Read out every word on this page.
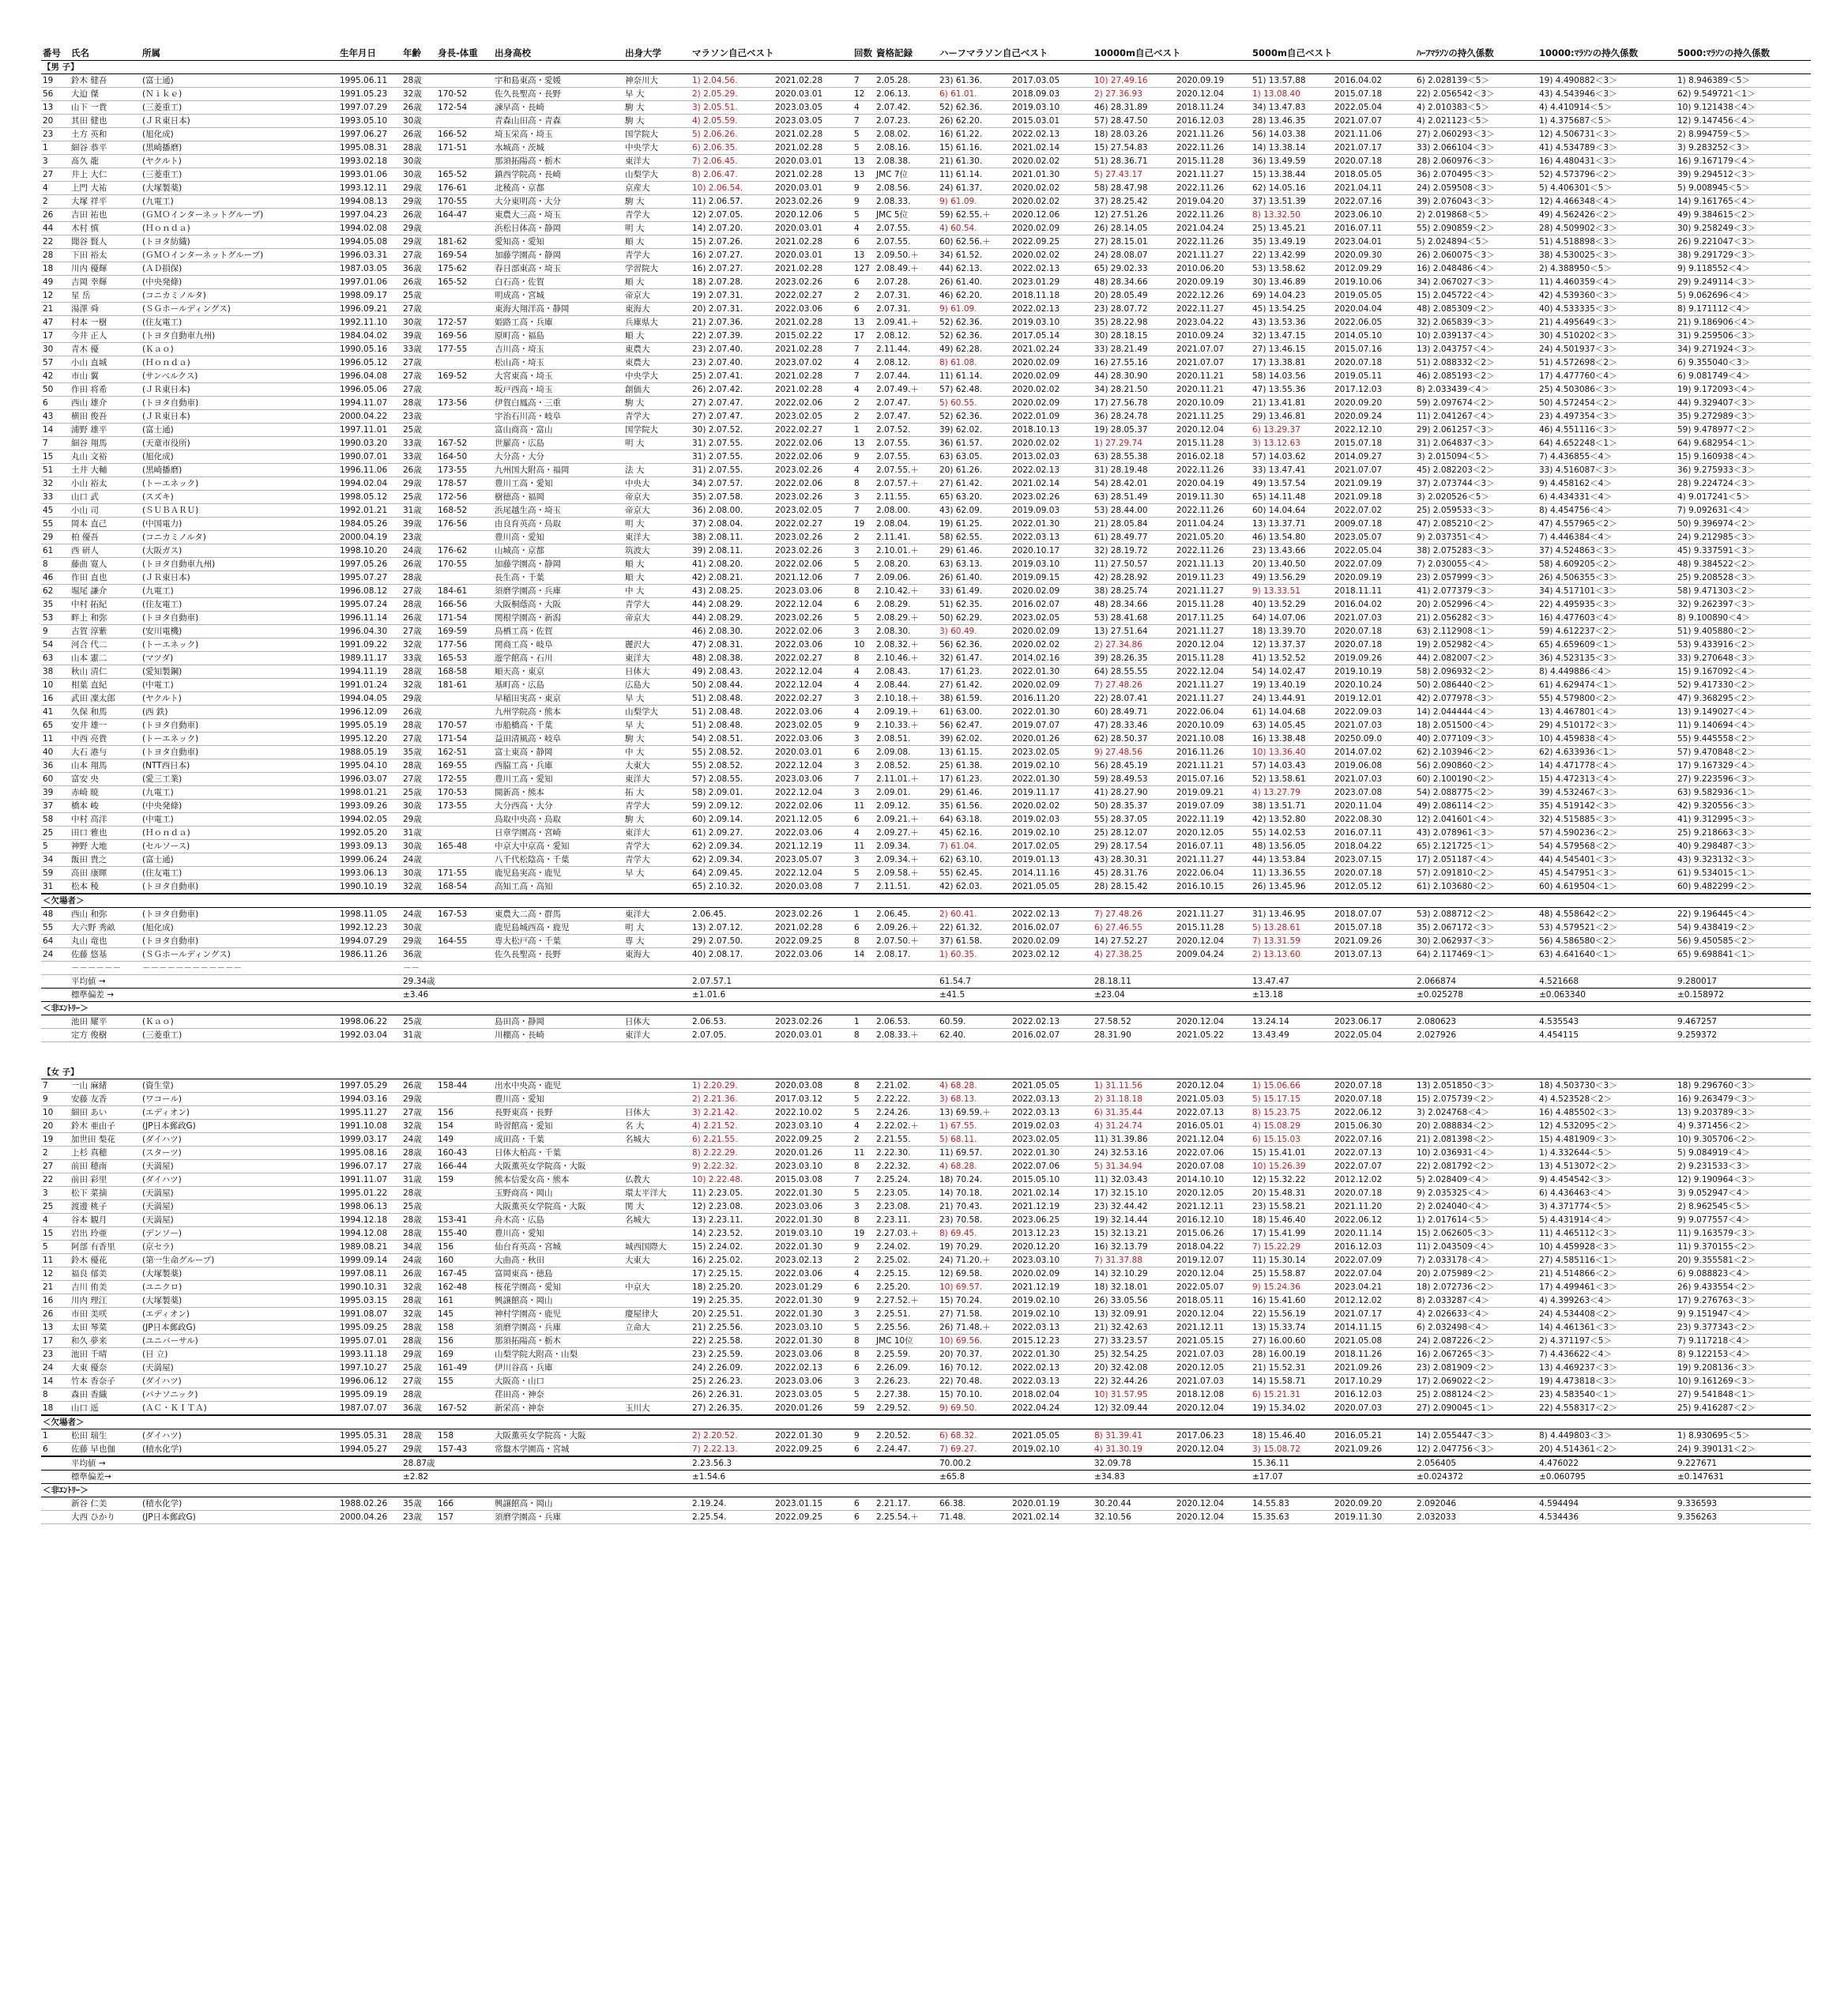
番号	氏名	所属	生年月日	年齢	身長-体重	出身高校	出身大学	マラソン自己ベスト		回数	資格記録	ハーフマラソン自己ベスト			10000m自己ベスト		5000m自己ベスト			ﾊｰﾌﾏﾗｿﾝの持久係数	10000:ﾏﾗｿﾝの持久係数	5000:ﾏﾗｿﾝの持久係数
【男 子】																						
19	鈴木 健吾	(富士通)	1995.06.11	28歳		宇和島東高・愛媛	神奈川大	1) 2.04.56.	2021.02.28	7	2.05.28.	23) 61.36.	2017.03.05		10) 27.49.16	2020.09.19	51) 13.57.88	2016.04.02		6) 2.028139＜5＞	19) 4.490882＜3＞	1) 8.946389＜5＞
56	大迫 傑	(Ｎｉｋｅ)	1991.05.23	32歳	170-52	佐久長聖高・長野	早 大	2) 2.05.29.	2020.03.01	12	2.06.13.	6) 61.01.	2018.09.03		2) 27.36.93	2020.12.04	1) 13.08.40	2015.07.18		22) 2.056542＜3＞	43) 4.543946＜3＞	62) 9.549721＜1＞
13	山下 一貴	(三菱重工)	1997.07.29	26歳	172-54	諫早高・長崎	駒 大	3) 2.05.51.	2023.03.05	4	2.07.42.	52) 62.36.	2019.03.10		46) 28.31.89	2018.11.24	34) 13.47.83	2022.05.04		4) 2.010383＜5＞	4) 4.410914＜5＞	10) 9.121438＜4＞
20	其田 健也	(ＪＲ東日本)	1993.05.10	30歳		青森山田高・青森	駒 大	4) 2.05.59.	2023.03.05	7	2.07.23.	26) 62.20.	2015.03.01		57) 28.47.50	2016.12.03	28) 13.46.35	2021.07.07		4) 2.021123＜5＞	1) 4.375687＜5＞	12) 9.147456＜4＞
23	土方 英和	(旭化成)	1997.06.27	26歳	166-52	埼玉栄高・埼玉	国学院大	5) 2.06.26.	2021.02.28	5	2.08.02.	16) 61.22.	2022.02.13		18) 28.03.26	2021.11.26	56) 14.03.38	2021.11.06		27) 2.060293＜3＞	12) 4.506731＜3＞	2) 8.994759＜5＞
1	細谷 恭平	(黒崎播磨)	1995.08.31	28歳	171-51	水城高・茨城	中央学大	6) 2.06.35.	2021.02.28	5	2.08.16.	15) 61.16.	2021.02.14		15) 27.54.83	2022.11.26	14) 13.38.14	2021.07.17		33) 2.066104＜3＞	41) 4.534789＜3＞	3) 9.283252＜3＞
3	髙久 龍	(ヤクルト)	1993.02.18	30歳		那須拓陽高・栃木	東洋大	7) 2.06.45.	2020.03.01	13	2.08.38.	21) 61.30.	2020.02.02		51) 28.36.71	2015.11.28	36) 13.49.59	2020.07.18		28) 2.060976＜3＞	16) 4.480431＜3＞	16) 9.167179＜4＞
27	井上 大仁	(三菱重工)	1993.01.06	30歳	165-52	鎮西学院高・長崎	山梨学大	8) 2.06.47.	2021.02.28	13	JMC 7位	11) 61.14.	2021.01.30		5) 27.43.17	2021.11.27	15) 13.38.44	2018.05.05		36) 2.070495＜3＞	52) 4.573796＜2＞	39) 9.294512＜3＞
4	上門 大祐	(大塚製薬)	1993.12.11	29歳	176-61	北稜高・京都	京産大	10) 2.06.54.	2020.03.01	9	2.08.56.	24) 61.37.	2020.02.02		58) 28.47.98	2022.11.26	62) 14.05.16	2021.04.11		24) 2.059508＜3＞	5) 4.406301＜5＞	5) 9.008945＜5＞
2	大塚 祥平	(九電工)	1994.08.13	29歳	170-55	大分東明高・大分	駒 大	11) 2.06.57.	2023.02.26	9	2.08.33.	9) 61.09.	2020.02.02		37) 28.25.42	2019.04.20	37) 13.51.39	2022.07.16		39) 2.076043＜3＞	12) 4.466348＜4＞	14) 9.161765＜4＞
26	吉田 祐也	(ＧＭＯインターネットグループ)	1997.04.23	26歳	164-47	東農大三高・埼玉	青学大	12) 2.07.05.	2020.12.06	5	JMC 5位	59) 62.55.＋	2020.12.06		12) 27.51.26	2022.11.26	8) 13.32.50	2023.06.10		2) 2.019868＜5＞	49) 4.562426＜2＞	49) 9.384615＜2＞
44	木村 慎	(Ｈｏｎｄａ)	1994.02.08	29歳		浜松日体高・静岡	明 大	14) 2.07.20.	2020.03.01	4	2.07.55.	4) 60.54.	2020.02.09		26) 28.14.05	2021.04.24	25) 13.45.21	2016.07.11		55) 2.090859＜2＞	28) 4.509902＜3＞	30) 9.258249＜3＞
22	聞谷 賢人	(トヨタ紡織)	1994.05.08	29歳	181-62	愛知高・愛知	順 大	15) 2.07.26.	2021.02.28	6	2.07.55.	60) 62.56.＋	2022.09.25		27) 28.15.01	2022.11.26	35) 13.49.19	2023.04.01		5) 2.024894＜5＞	51) 4.518898＜3＞	26) 9.221047＜3＞
28	下田 裕太	(ＧＭＯインターネットグループ)	1996.03.31	27歳	169-54	加藤学園高・静岡	青学大	16) 2.07.27.	2020.03.01	13	2.09.50.＋	34) 61.52.	2020.02.02		24) 28.08.07	2021.11.27	22) 13.42.99	2020.09.30		26) 2.060075＜3＞	38) 4.530025＜3＞	38) 9.291729＜3＞
18	川内 優輝	(ＡＤ損保)	1987.03.05	36歳	175-62	春日部東高・埼玉	学習院大	16) 2.07.27.	2021.02.28	127	2.08.49.＋	44) 62.13.	2022.02.13		65) 29.02.33	2010.06.20	53) 13.58.62	2012.09.29		16) 2.048486＜4＞	2) 4.388950＜5＞	9) 9.118552＜4＞
49	吉岡 幸輝	(中央発條)	1997.01.06	26歳	165-52	白石高・佐賀	順 大	18) 2.07.28.	2023.02.26	6	2.07.28.	26) 61.40.	2023.01.29		48) 28.34.66	2020.09.19	30) 13.46.89	2019.10.06		34) 2.067027＜3＞	11) 4.460359＜4＞	29) 9.249114＜3＞
12	星 岳	(コニカミノルタ)	1998.09.17	25歳		明成高・宮城	帝京大	19) 2.07.31.	2022.02.27	2	2.07.31.	46) 62.20.	2018.11.18		20) 28.05.49	2022.12.26	69) 14.04.23	2019.05.05		15) 2.045722＜4＞	42) 4.539360＜3＞	5) 9.062696＜4＞
21	湯澤 舜	(ＳＧホールディングス)	1996.09.21	27歳		東海大翔洋高・静岡	東海大	20) 2.07.31.	2022.03.06	6	2.07.31.	9) 61.09.	2022.02.13		23) 28.07.72	2022.11.27	45) 13.54.25	2020.04.04		48) 2.085309＜2＞	40) 4.533335＜3＞	8) 9.171112＜4＞
47	村本 一樹	(住友電工)	1992.11.10	30歳	172-57	姫路工高・兵庫	兵庫県大	21) 2.07.36.	2021.02.28	13	2.09.41.＋	52) 62.36.	2019.03.10		35) 28.22.98	2023.04.22	43) 13.53.36	2022.06.05		32) 2.065839＜3＞	21) 4.495649＜3＞	21) 9.186906＜4＞
17	今井 正人	(トヨタ自動車九州)	1984.04.02	39歳	169-56	原町高・福島	順 大	22) 2.07.39.	2015.02.22	17	2.08.12.	52) 62.36.	2017.05.14		30) 28.18.15	2010.09.24	32) 13.47.15	2014.05.10		10) 2.039137＜4＞	30) 4.510202＜3＞	31) 9.259506＜3＞
30	青木 優	(Ｋａｏ)	1990.05.16	33歳	177-55	吉川高・埼玉	東農大	23) 2.07.40.	2021.02.28	7	2.11.44.	49) 62.28.	2021.02.24		33) 28.21.49	2021.07.07	27) 13.46.15	2015.07.16		13) 2.043757＜4＞	24) 4.501937＜3＞	34) 9.271924＜3＞
57	小山 直城	(Ｈｏｎｄａ)	1996.05.12	27歳		松山高・埼玉	東農大	23) 2.07.40.	2023.07.02	4	2.08.12.	8) 61.08.	2020.02.09		16) 27.55.16	2021.07.07	17) 13.38.81	2020.07.18		51) 2.088332＜2＞	51) 4.572698＜2＞	6) 9.355040＜3＞
42	市山 翼	(サンベルクス)	1996.04.08	27歳	169-52	大宮東高・埼玉	中央学大	25) 2.07.41.	2021.02.28	7	2.07.44.	11) 61.14.	2020.02.09		44) 28.30.90	2020.11.21	58) 14.03.56	2019.05.11		46) 2.085193＜2＞	17) 4.477760＜4＞	6) 9.081749＜4＞
50	作田 将希	(ＪＲ東日本)	1996.05.06	27歳		坂戸西高・埼玉	創価大	26) 2.07.42.	2021.02.28	4	2.07.49.＋	57) 62.48.	2020.02.02		34) 28.21.50	2020.11.21	47) 13.55.36	2017.12.03		8) 2.033439＜4＞	25) 4.503086＜3＞	19) 9.172093＜4＞
6	西山 雄介	(トヨタ自動車)	1994.11.07	28歳	173-56	伊賀白鳳高・三重	駒 大	27) 2.07.47.	2022.02.06	2	2.07.47.	5) 60.55.	2020.02.09		17) 27.56.78	2020.10.09	21) 13.41.81	2020.09.20		59) 2.097674＜2＞	50) 4.572454＜2＞	44) 9.329407＜3＞
43	横田 俊吾	(ＪＲ東日本)	2000.04.22	23歳		宇治石川高・岐阜	青学大	27) 2.07.47.	2023.02.05	2	2.07.47.	52) 62.36.	2022.01.09		36) 28.24.78	2021.11.25	29) 13.46.81	2020.09.24		11) 2.041267＜4＞	23) 4.497354＜3＞	35) 9.272989＜3＞
14	浦野 雄平	(富士通)	1997.11.01	25歳		富山商高・富山	国学院大	30) 2.07.52.	2022.02.27	1	2.07.52.	39) 62.02.	2018.10.13		19) 28.05.37	2020.12.04	6) 13.29.37	2022.12.10		29) 2.061257＜3＞	46) 4.551116＜3＞	59) 9.478977＜2＞
7	細谷 翔馬	(天童市役所)	1990.03.20	33歳	167-52	世羅高・広島	明 大	31) 2.07.55.	2022.02.06	13	2.07.55.	36) 61.57.	2020.02.02		1) 27.29.74	2015.11.28	3) 13.12.63	2015.07.18		31) 2.064837＜3＞	64) 4.652248＜1＞	64) 9.682954＜1＞
15	丸山 文裕	(旭化成)	1990.07.01	33歳	164-50	大分高・大分		31) 2.07.55.	2022.02.06	9	2.07.55.	63) 63.05.	2013.02.03		63) 28.55.38	2016.02.18	57) 14.03.62	2014.09.27		3) 2.015094＜5＞	7) 4.436855＜4＞	15) 9.160938＜4＞
51	土井 大輔	(黒崎播磨)	1996.11.06	26歳	173-55	九州国大附高・福岡	法 大	31) 2.07.55.	2023.02.26	4	2.07.55.＋	20) 61.26.	2022.02.13		31) 28.19.48	2022.11.26	33) 13.47.41	2021.07.07		45) 2.082203＜2＞	33) 4.516087＜3＞	36) 9.275933＜3＞
32	小山 裕太	(トーエネック)	1994.02.04	29歳	178-57	豊川工高・愛知	中央大	34) 2.07.57.	2022.02.06	8	2.07.57.＋	27) 61.42.	2021.02.14		54) 28.42.01	2020.04.19	49) 13.57.54	2021.09.19		37) 2.073744＜3＞	9) 4.458162＜4＞	28) 9.224724＜3＞
33	山口 武	(スズキ)	1998.05.12	25歳	172-56	樹徳高・福岡	帝京大	35) 2.07.58.	2023.02.26	3	2.11.55.	65) 63.20.	2023.02.26		63) 28.51.49	2019.11.30	65) 14.11.48	2021.09.18		3) 2.020526＜5＞	6) 4.434331＜4＞	4) 9.017241＜5＞
45	小山 司	(ＳＵＢＡＲＵ)	1992.01.21	31歳	168-52	浜尾越生高・埼玉	帝京大	36) 2.08.00.	2023.02.05	7	2.08.00.	43) 62.09.	2019.09.03		53) 28.44.00	2022.11.26	60) 14.04.64	2022.07.02		25) 2.059533＜3＞	8) 4.454756＜4＞	7) 9.092631＜4＞
55	岡本 直己	(中国電力)	1984.05.26	39歳	176-56	由良育英高・鳥取	明 大	37) 2.08.04.	2022.02.27	19	2.08.04.	19) 61.25.	2022.01.30		21) 28.05.84	2011.04.24	13) 13.37.71	2009.07.18		47) 2.085210＜2＞	47) 4.557965＜2＞	50) 9.396974＜2＞
29	柏 優吾	(コニカミノルタ)	2000.04.19	23歳		豊川高・愛知	東洋大	38) 2.08.11.	2023.02.26	2	2.11.41.	58) 62.55.	2022.03.13		61) 28.49.77	2021.05.20	46) 13.54.80	2023.05.07		9) 2.037351＜4＞	7) 4.446384＜4＞	24) 9.212985＜3＞
61	西 研人	(大阪ガス)	1998.10.20	24歳	176-62	山城高・京都	筑波大	39) 2.08.11.	2023.02.26	3	2.10.01.＋	29) 61.46.	2020.10.17		32) 28.19.72	2022.11.26	23) 13.43.66	2022.05.04		38) 2.075283＜3＞	37) 4.524863＜3＞	45) 9.337591＜3＞
8	藤曲 寛人	(トヨタ自動車九州)	1997.05.26	26歳	170-55	加藤学園高・静岡	順 大	41) 2.08.20.	2022.02.06	5	2.08.20.	63) 63.13.	2019.03.10		11) 27.50.57	2021.11.13	20) 13.40.50	2022.07.09		7) 2.030055＜4＞	58) 4.609205＜2＞	48) 9.384522＜2＞
46	作田 直也	(ＪＲ東日本)	1995.07.27	28歳		長生高・千葉	順 大	42) 2.08.21.	2021.12.06	7	2.09.06.	26) 61.40.	2019.09.15		42) 28.28.92	2019.11.23	49) 13.56.29	2020.09.19		23) 2.057999＜3＞	26) 4.506355＜3＞	25) 9.208528＜3＞
62	堀尾 謙介	(九電工)	1996.08.12	27歳	184-61	須磨学園高・兵庫	中 大	43) 2.08.25.	2023.03.06	8	2.10.42.＋	33) 61.49.	2020.02.09		38) 28.25.74	2021.11.27	9) 13.33.51	2018.11.11		41) 2.077379＜3＞	34) 4.517101＜3＞	58) 9.471303＜2＞
35	中村 拓紀	(住友電工)	1995.07.24	28歳	166-56	大阪桐蔭高・大阪	青学大	44) 2.08.29.	2022.12.04	6	2.08.29.	51) 62.35.	2016.02.07		48) 28.34.66	2015.11.28	40) 13.52.29	2016.04.02		20) 2.052996＜4＞	22) 4.495935＜3＞	32) 9.262397＜3＞
53	畔上 和弥	(トヨタ自動車)	1996.11.14	26歳	171-54	関根学園高・新潟	帝京大	44) 2.08.29.	2023.02.26	5	2.08.29.＋	50) 62.29.	2023.02.05		53) 28.41.68	2017.11.25	64) 14.07.06	2021.07.03		21) 2.056282＜3＞	16) 4.477603＜4＞	8) 9.100890＜4＞
9	古賀 淳紫	(安川電機)	1996.04.30	27歳	169-59	鳥栖工高・佐賀		46) 2.08.30.	2022.02.06	3	2.08.30.	3) 60.49.	2020.02.09		13) 27.51.64	2021.11.27	18) 13.39.70	2020.07.18		63) 2.112908＜1＞	59) 4.612237＜2＞	51) 9.405880＜2＞
54	河合 代二	(トーエネック)	1991.09.22	32歳	177-56	関商工高・岐阜	麗沢大	47) 2.08.31.	2022.03.06	10	2.08.32.＋	56) 62.36.	2020.02.02		2) 27.34.86	2020.12.04	12) 13.37.37	2020.07.18		19) 2.052982＜4＞	65) 4.659609＜1＞	53) 9.433916＜2＞
63	山本 憲二	(マツダ)	1989.11.17	33歳	165-53	遊学館高・石川	東洋大	48) 2.08.38.	2022.02.27	8	2.10.46.＋	32) 61.47.	2014.02.16		39) 28.26.35	2015.11.28	41) 13.52.52	2019.09.26		44) 2.082007＜2＞	36) 4.523135＜3＞	33) 9.270648＜3＞
38	秋山 清仁	(愛知製鋼)	1994.11.19	28歳	168-58	順天高・東京	日体大	49) 2.08.43.	2022.12.04	4	2.08.43.	17) 61.23.	2022.01.30		64) 28.55.55	2022.12.04	54) 14.02.47	2019.10.19		58) 2.096932＜2＞	8) 4.449886＜4＞	15) 9.167092＜4＞
10	相葉 直紀	(中電工)	1991.01.24	32歳	181-61	基町高・広島	広島大	50) 2.08.44.	2022.12.04	4	2.08.44.	27) 61.42.	2020.02.09		7) 27.48.26	2021.11.27	19) 13.40.19	2020.10.24		50) 2.086440＜2＞	61) 4.629474＜1＞	52) 9.417330＜2＞
16	武田 凜太郎	(ヤクルト)	1994.04.05	29歳		早稲田実高・東京	早 大	51) 2.08.48.	2022.02.27	3	2.10.18.＋	38) 61.59.	2016.11.20		22) 28.07.41	2021.11.27	24) 13.44.91	2019.12.01		42) 2.077978＜3＞	55) 4.579800＜2＞	47) 9.368295＜2＞
41	久保 和馬	(西 鉄)	1996.12.09	26歳		九州学院高・熊本	山梨学大	51) 2.08.48.	2022.03.06	4	2.09.19.＋	61) 63.00.	2022.01.30		60) 28.49.71	2022.06.04	61) 14.04.68	2022.09.03		14) 2.044444＜4＞	13) 4.467801＜4＞	13) 9.149027＜4＞
65	安井 雄一	(トヨタ自動車)	1995.05.19	28歳	170-57	市船橋高・千葉	早 大	51) 2.08.48.	2023.02.05	9	2.10.33.＋	56) 62.47.	2019.07.07		47) 28.33.46	2020.10.09	63) 14.05.45	2021.07.03		18) 2.051500＜4＞	29) 4.510172＜3＞	11) 9.140694＜4＞
11	中西 亮貴	(トーエネック)	1995.12.20	27歳	171-54	益田清風高・岐阜	駒 大	54) 2.08.51.	2022.03.06	3	2.08.51.	39) 62.02.	2020.01.26		62) 28.50.37	2021.10.08	16) 13.38.48	20250.09.0		40) 2.077109＜3＞	10) 4.459838＜4＞	55) 9.445558＜2＞
40	大石 港与	(トヨタ自動車)	1988.05.19	35歳	162-51	富士東高・静岡	中 大	55) 2.08.52.	2020.03.01	6	2.09.08.	13) 61.15.	2023.02.05		9) 27.48.56	2016.11.26	10) 13.36.40	2014.07.02		62) 2.103946＜2＞	62) 4.633936＜1＞	57) 9.470848＜2＞
36	山本 翔馬	(NTT西日本)	1995.04.10	28歳	169-55	西脇工高・兵庫	大東大	55) 2.08.52.	2022.12.04	3	2.08.52.	25) 61.38.	2019.02.10		56) 28.45.19	2021.11.21	57) 14.03.43	2019.06.08		56) 2.090860＜2＞	14) 4.471778＜4＞	17) 9.167329＜4＞
60	富安 央	(愛三工業)	1996.03.07	27歳	172-55	豊川工高・愛知	東洋大	57) 2.08.55.	2023.03.06	7	2.11.01.＋	17) 61.23.	2022.01.30		59) 28.49.53	2015.07.16	52) 13.58.61	2021.07.03		60) 2.100190＜2＞	15) 4.472313＜4＞	27) 9.223596＜3＞
39	赤崎 暁	(九電工)	1998.01.21	25歳	170-53	開新高・熊本	拓 大	58) 2.09.01.	2022.12.04	3	2.09.01.	29) 61.46.	2019.11.17		41) 28.27.90	2019.09.21	4) 13.27.79	2023.07.08		54) 2.088775＜2＞	39) 4.532467＜3＞	63) 9.582936＜1＞
37	橋本 峻	(中央発條)	1993.09.26	30歳	173-55	大分西高・大分	青学大	59) 2.09.12.	2022.02.06	11	2.09.12.	35) 61.56.	2020.02.02		50) 28.35.37	2019.07.09	38) 13.51.71	2020.11.04		49) 2.086114＜2＞	35) 4.519142＜3＞	42) 9.320556＜3＞
58	中村 高洋	(中電工)	1994.02.05	29歳		鳥取中央高・鳥取	駒 大	60) 2.09.14.	2021.12.05	6	2.09.21.＋	64) 63.18.	2019.02.03		55) 28.37.05	2022.11.19	42) 13.52.80	2022.08.30		12) 2.041601＜4＞	32) 4.515885＜3＞	41) 9.312995＜3＞
25	田口 雅也	(Ｈｏｎｄａ)	1992.05.20	31歳		日章学園高・宮崎	東洋大	61) 2.09.27.	2022.03.06	4	2.09.27.＋	45) 62.16.	2019.02.10		25) 28.12.07	2020.12.05	55) 14.02.53	2016.07.11		43) 2.078961＜3＞	57) 4.590236＜2＞	25) 9.218663＜3＞
5	神野 大地	(セルソース)	1993.09.13	30歳	165-48	中京大中京高・愛知	青学大	62) 2.09.34.	2021.12.19	11	2.09.34.	7) 61.04.	2017.02.05		29) 28.17.54	2016.07.11	48) 13.56.05	2018.04.22		65) 2.121725＜1＞	54) 4.579568＜2＞	40) 9.298487＜3＞
34	飯田 貴之	(富士通)	1999.06.24	24歳		八千代松陰高・千葉	青学大	62) 2.09.34.	2023.05.07	3	2.09.34.＋	62) 63.10.	2019.01.13		43) 28.30.31	2021.11.27	44) 13.53.84	2023.07.15		17) 2.051187＜4＞	44) 4.545401＜3＞	43) 9.323132＜3＞
59	高田 康暉	(住友電工)	1993.06.13	30歳	171-55	鹿児島実高・鹿児	早 大	64) 2.09.45.	2022.12.04	5	2.09.58.＋	55) 62.45.	2014.11.16		45) 28.31.76	2022.06.04	11) 13.36.55	2020.07.18		57) 2.091810＜2＞	45) 4.547951＜3＞	61) 9.534015＜1＞
31	松本 稜	(トヨタ自動車)	1990.10.19	32歳	168-54	高知工高・高知		65) 2.10.32.	2020.03.08	7	2.11.51.	42) 62.03.	2021.05.05		28) 28.15.42	2016.10.15	26) 13.45.96	2012.05.12		61) 2.103680＜2＞	60) 4.619504＜1＞	60) 9.482299＜2＞
＜欠場者＞																						
48	西山 和弥	(トヨタ自動車)	1998.11.05	24歳	167-53	東農大二高・群馬	東洋大	2.06.45.	2023.02.26	1	2.06.45.	2) 60.41.	2022.02.13		7) 27.48.26	2021.11.27	31) 13.46.95	2018.07.07		53) 2.088712＜2＞	48) 4.558642＜2＞	22) 9.196445＜4＞
55	大六野 秀畝	(旭化成)	1992.12.23	30歳		鹿児島城西高・鹿児	明 大	13) 2.07.12.	2021.02.28	6	2.09.26.＋	22) 61.32.	2016.02.07		6) 27.46.55	2015.11.28	5) 13.28.61	2015.07.18		35) 2.067172＜3＞	53) 4.579521＜2＞	54) 9.438419＜2＞
64	丸山 竜也	(トヨタ自動車)	1994.07.29	29歳	164-55	専大松戸高・千葉	専 大	29) 2.07.50.	2022.09.25	8	2.07.50.＋	37) 61.58.	2020.02.09		14) 27.52.27	2020.12.04	7) 13.31.59	2021.09.26		30) 2.062937＜3＞	56) 4.586580＜2＞	56) 9.450585＜2＞
24	佐藤 悠基	(ＳＧホールディングス)	1986.11.26	36歳		佐久長聖高・長野	東海大	40) 2.08.17.	2022.03.06	14	2.08.17.	1) 60.35.	2023.02.12		4) 27.38.25	2009.04.24	2) 13.13.60	2013.07.13		64) 2.117469＜1＞	63) 4.641640＜1＞	65) 9.698841＜1＞
	－－－－－－	－－－－－－－－－－－－		－－																		
	平均値 →			29.34歳				2.07.57.1				61.54.7			28.18.11		13.47.47			2.066874	4.521668	9.280017
	標準偏差 →			±3.46				±1.01.6				±41.5			±23.04		±13.18			±0.025278	±0.063340	±0.158972
＜非ｴﾝﾄﾘｰ＞																						
	池田 耀平	(Ｋａｏ)	1998.06.22	25歳		島田高・静岡	日体大	2.06.53.	2023.02.26	1	2.06.53.	60.59.	2022.02.13		27.58.52	2020.12.04	13.24.14	2023.06.17		2.080623	4.535543	9.467257
	定方 俊樹	(三菱重工)	1992.03.04	31歳		川棚高・長崎	東洋大	2.07.05.	2020.03.01	8	2.08.33.＋	62.40.	2016.02.07		28.31.90	2021.05.22	13.43.49	2022.05.04		2.027926	4.454115	9.259372

【女 子】																						
7	一山 麻緒	(資生堂)	1997.05.29	26歳	158-44	出水中央高・鹿児		1) 2.20.29.	2020.03.08	8	2.21.02.	4) 68.28.	2021.05.05		1) 31.11.56	2020.12.04	1) 15.06.66	2020.07.18		13) 2.051850＜3＞	18) 4.503730＜3＞	18) 9.296760＜3＞
9	安藤 友香	(ワコール)	1994.03.16	29歳		豊川高・愛知		2) 2.21.36.	2017.03.12	5	2.22.22.	3) 68.13.	2022.03.13		2) 31.18.18	2021.05.03	5) 15.17.15	2020.07.18		15) 2.075739＜2＞	4) 4.523528＜2＞	16) 9.263479＜3＞
10	細田 あい	(エディオン)	1995.11.27	27歳	156	長野東高・長野	日体大	3) 2.21.42.	2022.10.02	5	2.24.26.	13) 69.59.＋	2022.03.13		6) 31.35.44	2022.07.13	8) 15.23.75	2022.06.12		3) 2.024768＜4＞	16) 4.485502＜3＞	13) 9.203789＜3＞
20	鈴木 亜由子	(JP日本郵政G)	1991.10.08	32歳	154	時習館高・愛知	名 大	4) 2.21.52.	2023.03.10	4	2.22.02.＋	1) 67.55.	2019.02.03		4) 31.24.74	2016.05.01	4) 15.08.29	2015.06.30		20) 2.088834＜2＞	12) 4.532095＜2＞	4) 9.371456＜2＞
19	加世田 梨花	(ダイハツ)	1999.03.17	24歳	149	成田高・千葉	名城大	6) 2.21.55.	2022.09.25	2	2.21.55.	5) 68.11.	2023.02.05		11) 31.39.86	2021.12.04	6) 15.15.03	2022.07.16		21) 2.081398＜2＞	15) 4.481909＜3＞	10) 9.305706＜2＞
2	上杉 真穂	(スターツ)	1995.08.16	28歳	160-43	日体大柏高・千葉		8) 2.22.29.	2020.01.26	11	2.22.30.	11) 69.57.	2022.01.30		24) 32.53.16	2022.07.06	15) 15.41.01	2022.07.13		10) 2.036931＜4＞	1) 4.332644＜5＞	5) 9.084919＜4＞
27	前田 穂南	(天満屋)	1996.07.17	27歳	166-44	大阪薫英女学院高・大阪		9) 2.22.32.	2023.03.10	8	2.22.32.	4) 68.28.	2022.07.06		5) 31.34.94	2020.07.08	10) 15.26.39	2022.07.07		22) 2.081792＜2＞	13) 4.513072＜2＞	2) 9.231533＜3＞
22	前田 彩里	(ダイハツ)	1991.11.07	31歳	159	熊本信愛女高・熊本	仏教大	10) 2.22.48.	2015.03.08	7	2.25.24.	18) 70.24.	2015.05.10		11) 32.03.43	2014.10.10	12) 15.32.22	2012.12.02		5) 2.028409＜4＞	9) 4.454542＜3＞	12) 9.190964＜3＞
3	松下 菜摘	(天満屋)	1995.01.22	28歳		玉野商高・岡山	環太平洋大	11) 2.23.05.	2022.01.30	5	2.23.05.	14) 70.18.	2021.02.14		17) 32.15.10	2020.12.05	20) 15.48.31	2020.07.18		9) 2.035325＜4＞	6) 4.436463＜4＞	3) 9.052947＜4＞
25	渡邊 桃子	(天満屋)	1998.06.13	25歳		大阪薫英女学院高・大阪	関 大	12) 2.23.08.	2023.03.06	3	2.23.08.	21) 70.43.	2021.12.19		23) 32.44.42	2021.12.11	23) 15.58.21	2021.11.20		2) 2.024040＜4＞	3) 4.371774＜5＞	2) 8.962545＜5＞
4	谷本 観月	(天満屋)	1994.12.18	28歳	153-41	舟木高・広島	名城大	13) 2.23.11.	2022.01.30	8	2.23.11.	23) 70.58.	2023.06.25		19) 32.14.44	2016.12.10	18) 15.46.40	2022.06.12		1) 2.017614＜5＞	5) 4.431914＜4＞	9) 9.077557＜4＞
15	岩出 玲亜	(デンソー)	1994.12.08	28歳	155-40	豊川高・愛知		14) 2.23.52.	2019.03.10	19	2.27.03.＋	8) 69.45.	2013.12.23		15) 32.13.21	2015.06.26	17) 15.41.99	2020.11.14		15) 2.062605＜3＞	11) 4.465112＜3＞	11) 9.163579＜3＞
5	阿部 有香里	(京セラ)	1989.08.21	34歳	156	仙台育英高・宮城	城西国際大	15) 2.24.02.	2022.01.30	9	2.24.02.	19) 70.29.	2020.12.20		16) 32.13.79	2018.04.22	7) 15.22.29	2016.12.03		11) 2.043509＜4＞	10) 4.459928＜3＞	11) 9.370155＜2＞
11	鈴木 優花	(第一生命グループ)	1999.09.14	24歳	160	大曲高・秋田	大東大	16) 2.25.02.	2023.02.13	2	2.25.02.	24) 71.20.＋	2023.03.10		7) 31.37.88	2019.12.07	11) 15.30.14	2022.07.09		7) 2.033178＜4＞	27) 4.585116＜1＞	20) 9.355581＜2＞
12	福良 郁美	(大塚製薬)	1997.08.11	26歳	167-45	富岡東高・徳島		17) 2.25.15.	2022.03.06	4	2.25.15.	12) 69.58.	2020.02.09		14) 32.10.29	2020.12.04	25) 15.58.87	2022.07.04		20) 2.075989＜2＞	21) 4.514866＜2＞	6) 9.088823＜4＞
21	吉川 侑美	(ユニクロ)	1990.10.31	32歳	162-48	桜花学園高・愛知	中京大	18) 2.25.20.	2023.01.29	6	2.25.20.	10) 69.57.	2021.12.19		18) 32.18.01	2022.05.07	9) 15.24.36	2023.04.21		18) 2.072736＜2＞	17) 4.499461＜3＞	26) 9.433554＜2＞
16	川内 理江	(大塚製薬)	1995.03.15	28歳	161	興譲館高・岡山		19) 2.25.35.	2022.01.30	9	2.27.52.＋	15) 70.24.	2019.02.10		26) 33.05.56	2018.05.11	16) 15.41.60	2012.12.02		8) 2.033287＜4＞	4) 4.399263＜4＞	17) 9.276763＜3＞
26	市田 美咲	(エディオン)	1991.08.07	32歳	145	神村学園高・鹿児	慶屋律大	20) 2.25.51.	2022.01.30	3	2.25.51.	27) 71.58.	2019.02.10		13) 32.09.91	2020.12.04	22) 15.56.19	2021.07.17		4) 2.026633＜4＞	24) 4.534408＜2＞	9) 9.151947＜4＞
13	太田 琴菜	(JP日本郵政G)	1995.09.25	28歳	158	須磨学園高・兵庫	立命大	21) 2.25.56.	2023.03.10	5	2.25.56.	26) 71.48.＋	2022.03.13		21) 32.42.63	2021.12.11	13) 15.33.74	2014.11.15		6) 2.032498＜4＞	14) 4.461361＜3＞	23) 9.377343＜2＞
17	和久 夢来	(ユニバーサル)	1995.07.01	28歳	156	那須拓陽高・栃木		22) 2.25.58.	2022.01.30	8	JMC 10位	10) 69.56.	2015.12.23		27) 33.23.57	2021.05.15	27) 16.00.60	2021.05.08		24) 2.087226＜2＞	2) 4.371197＜5＞	7) 9.117218＜4＞
23	池田 千晴	(日 立)	1993.11.18	29歳	169	山梨学院大附高・山梨		23) 2.25.59.	2023.03.06	8	2.25.59.	20) 70.37.	2022.01.30		25) 32.54.25	2021.07.03	28) 16.00.19	2018.11.26		16) 2.067265＜3＞	7) 4.436622＜4＞	8) 9.122153＜4＞
24	大東 優奈	(天満屋)	1997.10.27	25歳	161-49	伊川谷高・兵庫		24) 2.26.09.	2022.02.13	6	2.26.09.	16) 70.12.	2022.02.13		20) 32.42.08	2020.12.05	21) 15.52.31	2021.09.26		23) 2.081909＜2＞	13) 4.469237＜3＞	19) 9.208136＜3＞
14	竹本 香奈子	(ダイハツ)	1996.06.12	27歳	155	大阪高・山口		25) 2.26.23.	2023.03.06	3	2.26.23.	22) 70.48.	2022.03.13		22) 32.44.26	2021.07.03	14) 15.58.71	2017.10.29		17) 2.069022＜2＞	19) 4.473818＜3＞	10) 9.161269＜3＞
8	森田 香織	(パナソニック)	1995.09.19	28歳		荏田高・神奈		26) 2.26.31.	2023.03.05	5	2.27.38.	15) 70.10.	2018.02.04		10) 31.57.95	2018.12.08	6) 15.21.31	2016.12.03		25) 2.088124＜2＞	23) 4.583540＜1＞	27) 9.541848＜1＞
18	山口 遥	(ＡＣ・ＫＩＴＡ)	1987.07.07	36歳	167-52	新栄高・神奈	玉川大	27) 2.26.35.	2020.01.26	59	2.29.52.	9) 69.50.	2022.04.24		12) 32.09.44	2020.12.04	19) 15.34.02	2020.07.03		27) 2.090045＜1＞	22) 4.558317＜2＞	25) 9.416287＜2＞
＜欠場者＞																						
1	松田 瑞生	(ダイハツ)	1995.05.31	28歳	158	大阪薫英女学院高・大阪		2) 2.20.52.	2022.01.30	9	2.20.52.	6) 68.32.	2021.05.05		8) 31.39.41	2017.06.23	18) 15.46.40	2016.05.21		14) 2.055447＜3＞	8) 4.449803＜3＞	1) 8.930695＜5＞
6	佐藤 早也伽	(積水化学)	1994.05.27	29歳	157-43	常盤木学園高・宮城		7) 2.22.13.	2022.09.25	6	2.24.47.	7) 69.27.	2019.02.10		4) 31.30.19	2020.12.04	3) 15.08.72	2021.09.26		12) 2.047756＜3＞	20) 4.514361＜2＞	24) 9.390131＜2＞
	平均値 →			28.87歳				2.23.56.3				70.00.2			32.09.78		15.36.11			2.056405	4.476022	9.227671
	標準偏差→			±2.82				±1.54.6				±65.8			±34.83		±17.07			±0.024372	±0.060795	±0.147631
＜非ｴﾝﾄﾘｰ＞																						
	新谷 仁美	(積水化学)	1988.02.26	35歳	166	興譲館高・岡山		2.19.24.	2023.01.15	6	2.21.17.	66.38.	2020.01.19		30.20.44	2020.12.04	14.55.83	2020.09.20		2.092046	4.594494	9.336593
	大西 ひかり	(JP日本郵政G)	2000.04.26	23歳	157	須磨学園高・兵庫		2.25.54.	2022.09.25	6	2.25.54.＋	71.48.	2021.02.14		32.10.56	2020.12.04	15.35.63	2019.11.30		2.032033	4.534436	9.356263
